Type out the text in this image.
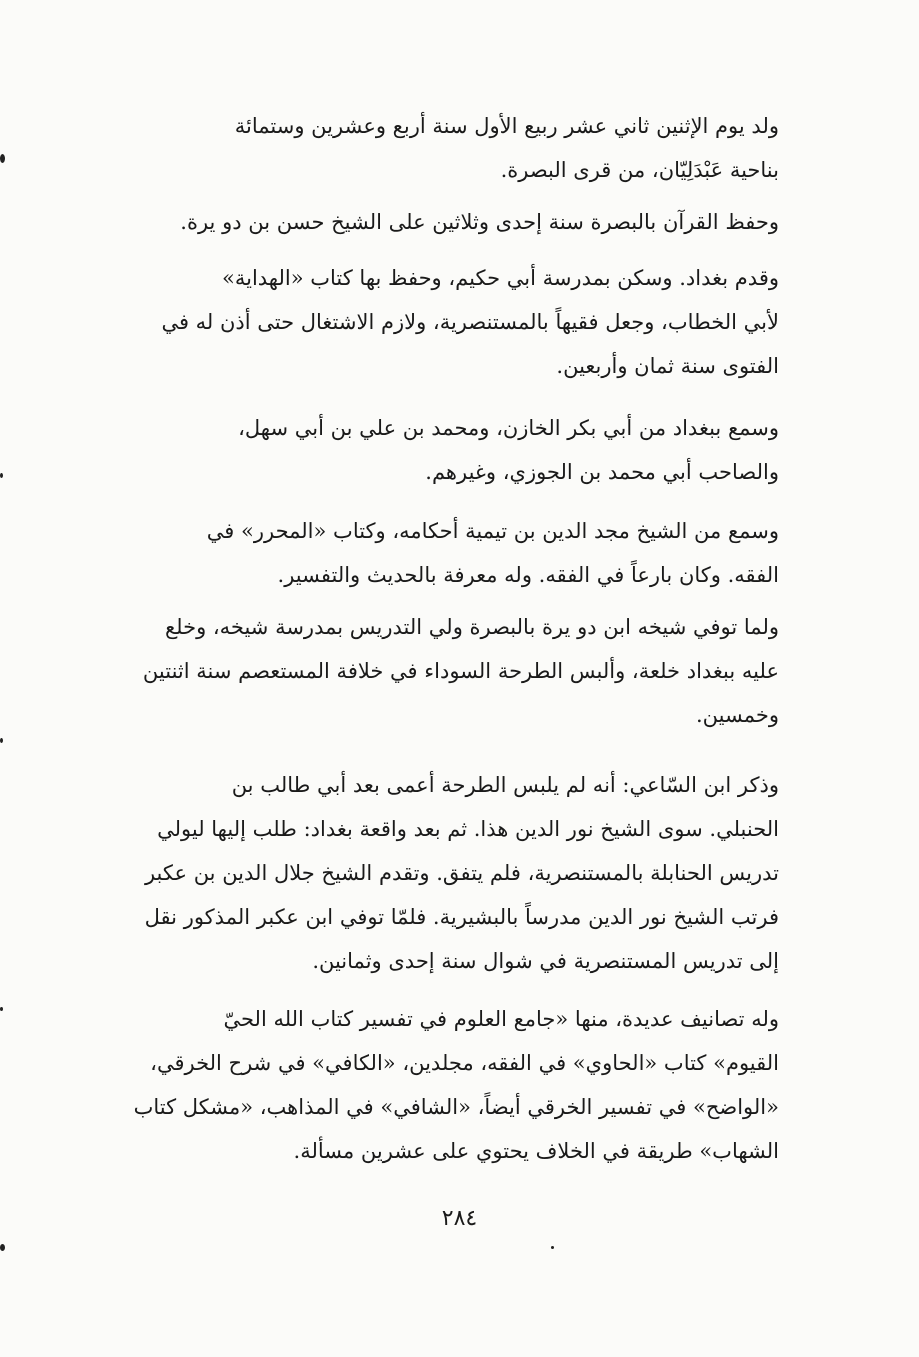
ولد يوم الإثنين ثاني عشر ربيع الأول سنة أربع وعشرين وستمائة
بناحية عَبْدَلِيّان، من قرى البصرة.
وحفظ القرآن بالبصرة سنة إحدى وثلاثين على الشيخ حسن بن دو يرة.
وقدم بغداد. وسكن بمدرسة أبي حكيم، وحفظ بها كتاب «الهداية»
لأبي الخطاب، وجعل فقيهاً بالمستنصرية، ولازم الاشتغال حتى أذن له في
الفتوى سنة ثمان وأربعين.
وسمع ببغداد من أبي بكر الخازن، ومحمد بن علي بن أبي سهل،
والصاحب أبي محمد بن الجوزي، وغيرهم.
وسمع من الشيخ مجد الدين بن تيمية أحكامه، وكتاب «المحرر» في
الفقه. وكان بارعاً في الفقه. وله معرفة بالحديث والتفسير.
ولما توفي شيخه ابن دو يرة بالبصرة ولي التدريس بمدرسة شيخه، وخلع
عليه ببغداد خلعة، وألبس الطرحة السوداء في خلافة المستعصم سنة اثنتين
وخمسين.
وذكر ابن السّاعي: أنه لم يلبس الطرحة أعمى بعد أبي طالب بن
الحنبلي. سوى الشيخ نور الدين هذا. ثم بعد واقعة بغداد: طلب إليها ليولي
تدريس الحنابلة بالمستنصرية، فلم يتفق. وتقدم الشيخ جلال الدين بن عكبر
فرتب الشيخ نور الدين مدرساً بالبشيرية. فلمّا توفي ابن عكبر المذكور نقل
إلى تدريس المستنصرية في شوال سنة إحدى وثمانين.
وله تصانيف عديدة، منها «جامع العلوم في تفسير كتاب الله الحيّ
القيوم» كتاب «الحاوي» في الفقه، مجلدين، «الكافي» في شرح الخرقي،
«الواضح» في تفسير الخرقي أيضاً، «الشافي» في المذاهب، «مشكل كتاب
الشهاب» طريقة في الخلاف يحتوي على عشرين مسألة.
٢٨٤
